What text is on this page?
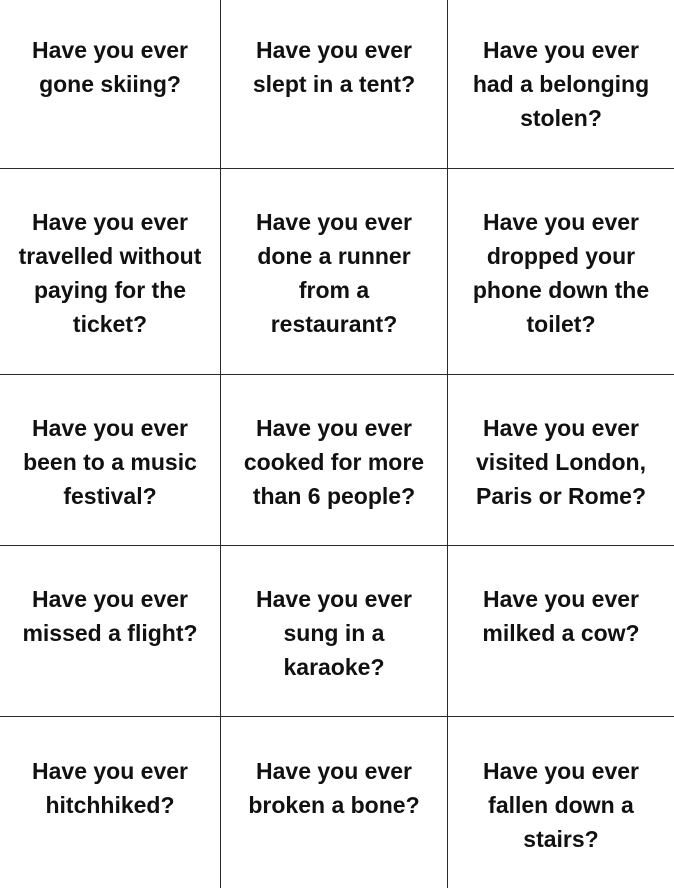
Have you ever
gone skiing?
Have you ever
slept in a tent?
Have you ever
had a belonging
stolen?
Have you ever
travelled without
paying for the
ticket?
Have you ever
done a runner
from a
restaurant?
Have you ever
dropped your
phone down the
toilet?
Have you ever
been to a music
festival?
Have you ever
cooked for more
than 6 people?
Have you ever
visited London,
Paris or Rome?
Have you ever
missed a flight?
Have you ever
sung in a
karaoke?
Have you ever
milked a cow?
Have you ever
hitchhiked?
Have you ever
broken a bone?
Have you ever
fallen down a
stairs?
